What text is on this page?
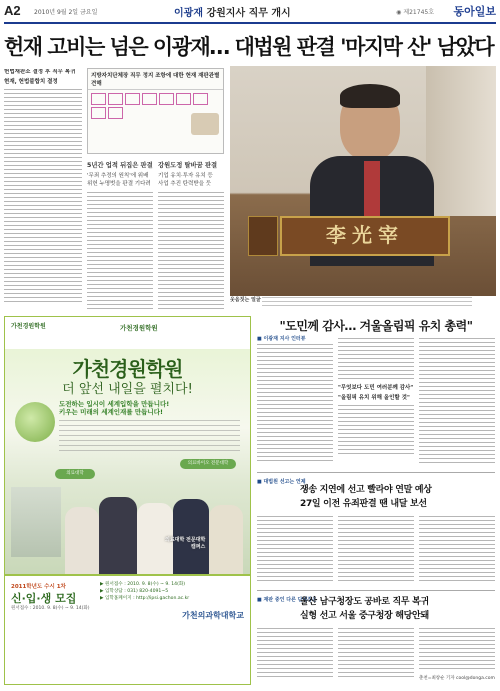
A2 2010년 9월 2일 금요일	이광재 강원지사 직무 개시	◉ 제21745호 동아일보
헌재 고비는 넘은 이광재… 대법원 판결 '마지막 산' 남았다
헌법재판소 결정 후 직무 복귀
현재, 헌법불합치 결정

지방자치단체장 직무 정지 조항에 대한 헌재 재판관별 견해
5년간 업적 뒤집은 판결
'무죄 추정의 원칙'에 위배
위헌 누명벗을 판결 기다려
강원도정 탈바꿈 판결
기업 유치·투자 유치 등
사업 추진 탄력받을 듯

李光宰
웃음짓는 얼굴
가천경원학원	가천경원학원
가천경원학원
더 앞선 내일을 펼치다!
도전하는 입시이 세계입학을 만듭니다!
키우는 미래의 세계인재를 만듭니다!
의료대학
의료바이오 전문대학
의료대학 전문대학
캠퍼스
2011학년도 수시 1차
신·입·생 모집
원서접수 : 2010. 9. 8(수) ~ 9. 14(화)
▶ 원서접수 : 2010. 9. 8(수) ~ 9. 14(화)
▶ 입학상담 : 031) 820-4091~5
▶ 입학홈페이지 : http://ipsi.gachon.ac.kr
가천의과학대학교
"도민께 감사… 겨울올림픽 유치 총력"
■ 이광재 지사 인터뷰

"무엇보다 도민 여러분께 감사"
"올림픽 유치 위해 올인할 것"

■ 대법원 선고는 언제
쟁송 지연에 선고 빨라야 연말 예상
27일 이전 유죄판결 땐 내달 보선

■ 재판 중인 다른 단체장은
울산 남구청장도 공바로 직무 복귀
실형 선고 서울 중구청장 해당안돼

춘천=최창순 기자 cool@donga.com
